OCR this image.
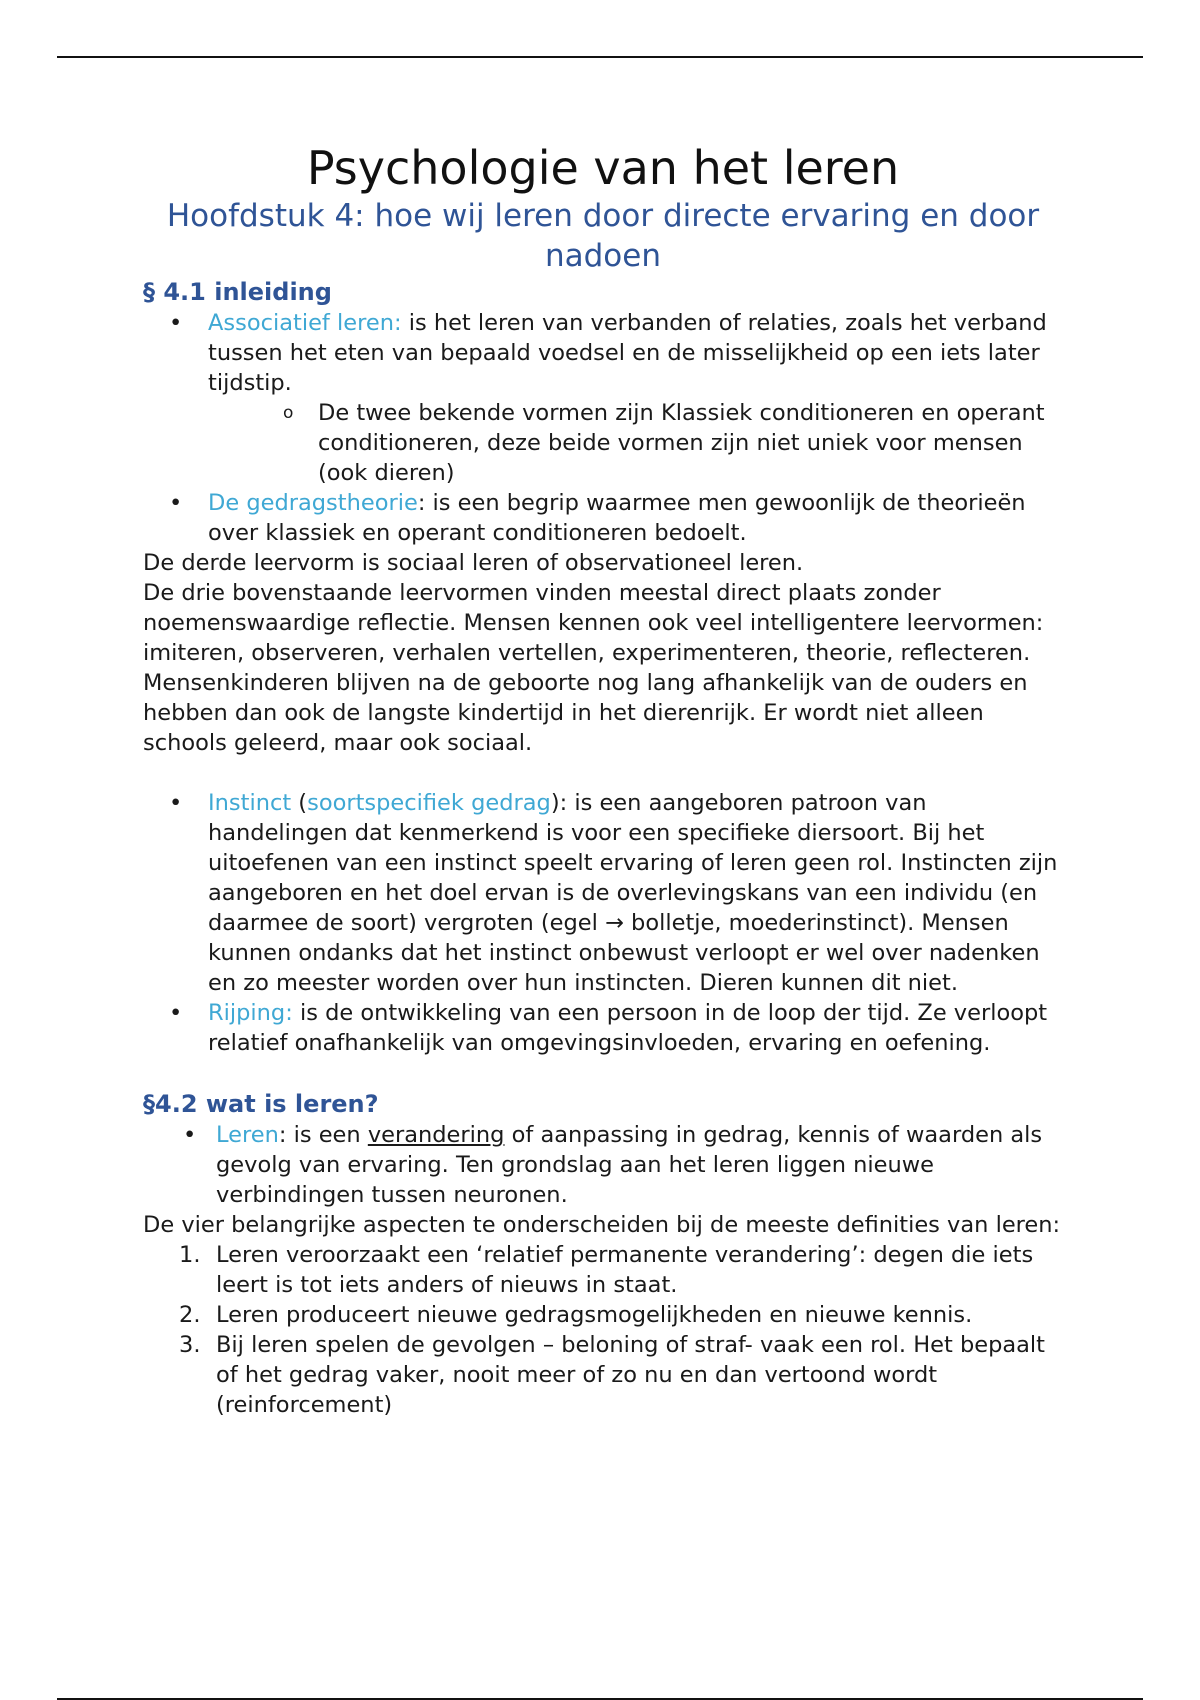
Psychologie van het leren
Hoofdstuk 4: hoe wij leren door directe ervaring en door nadoen
§ 4.1 inleiding
• Associatief leren: is het leren van verbanden of relaties, zoals het verband tussen het eten van bepaald voedsel en de misselijkheid op een iets later tijdstip.
o De twee bekende vormen zijn Klassiek conditioneren en operant conditioneren, deze beide vormen zijn niet uniek voor mensen (ook dieren)
• De gedragstheorie: is een begrip waarmee men gewoonlijk de theorieën over klassiek en operant conditioneren bedoelt.

De derde leervorm is sociaal leren of observationeel leren.

De drie bovenstaande leervormen vinden meestal direct plaats zonder noemenswaardige reflectie. Mensen kennen ook veel intelligentere leervormen: imiteren, observeren, verhalen vertellen, experimenteren, theorie, reflecteren.

Mensenkinderen blijven na de geboorte nog lang afhankelijk van de ouders en hebben dan ook de langste kindertijd in het dierenrijk. Er wordt niet alleen schools geleerd, maar ook sociaal.

• Instinct (soortspecifiek gedrag): is een aangeboren patroon van handelingen dat kenmerkend is voor een specifieke diersoort. Bij het uitoefenen van een instinct speelt ervaring of leren geen rol. Instincten zijn aangeboren en het doel ervan is de overlevingskans van een individu (en daarmee de soort) vergroten (egel → bolletje, moederinstinct). Mensen kunnen ondanks dat het instinct onbewust verloopt er wel over nadenken en zo meester worden over hun instincten. Dieren kunnen dit niet.
• Rijping: is de ontwikkeling van een persoon in de loop der tijd. Ze verloopt relatief onafhankelijk van omgevingsinvloeden, ervaring en oefening.
§4.2 wat is leren?
• Leren: is een verandering of aanpassing in gedrag, kennis of waarden als gevolg van ervaring. Ten grondslag aan het leren liggen nieuwe verbindingen tussen neuronen.

De vier belangrijke aspecten te onderscheiden bij de meeste definities van leren:

1. Leren veroorzaakt een ‘relatief permanente verandering’: degen die iets leert is tot iets anders of nieuws in staat.
2. Leren produceert nieuwe gedragsmogelijkheden en nieuwe kennis.
3. Bij leren spelen de gevolgen – beloning of straf- vaak een rol. Het bepaalt of het gedrag vaker, nooit meer of zo nu en dan vertoond wordt (reinforcement)
